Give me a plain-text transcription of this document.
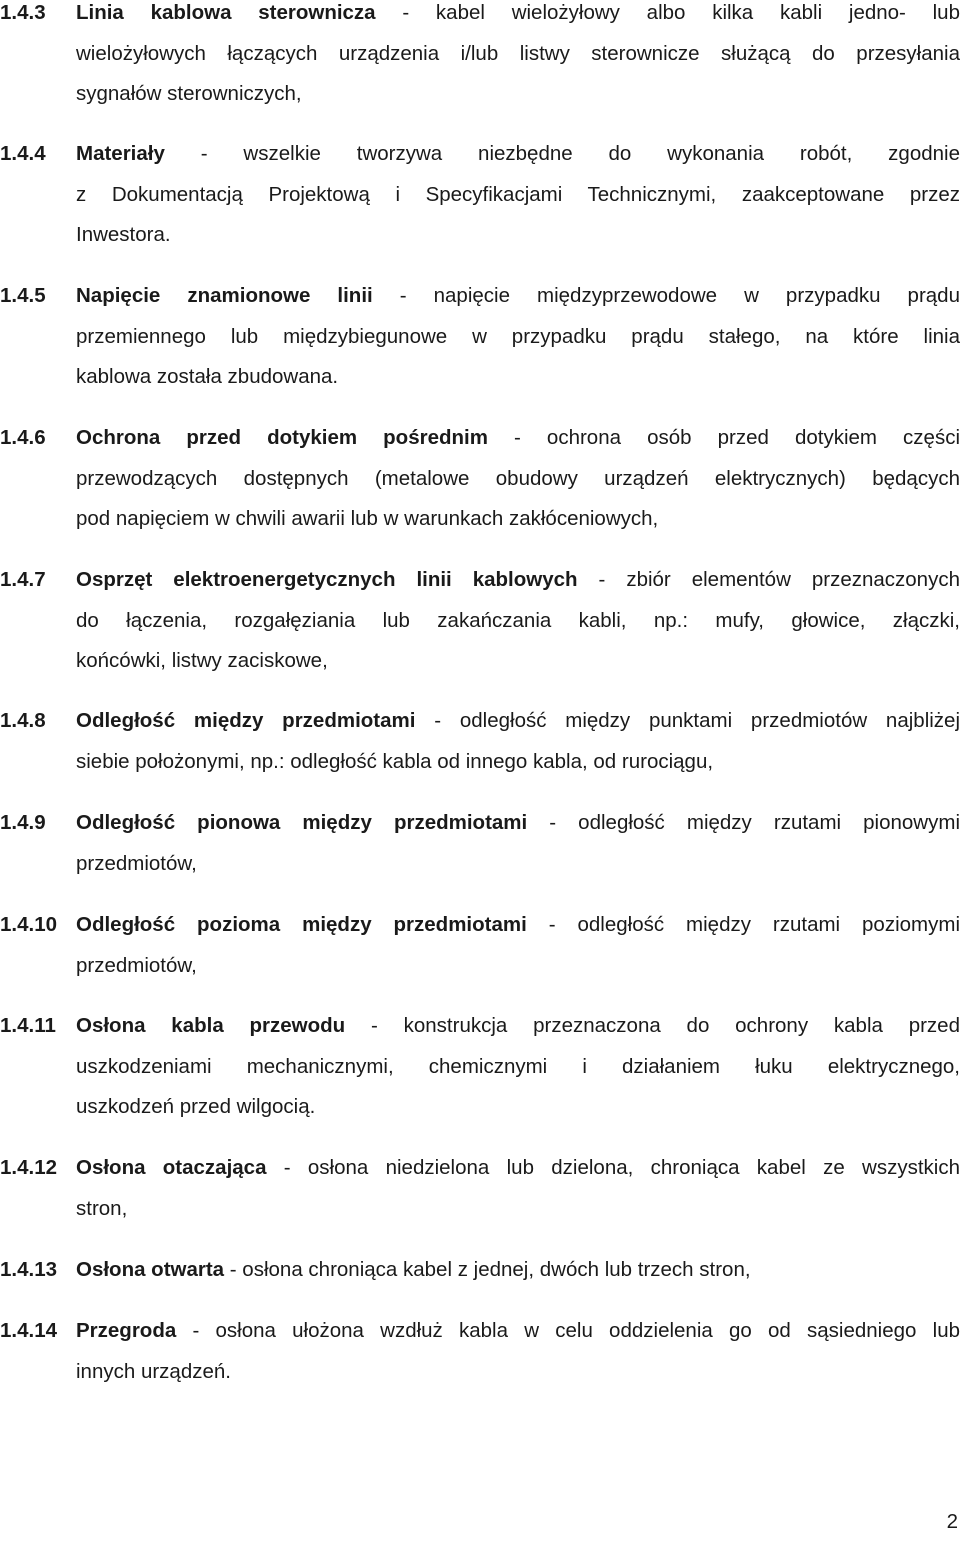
1.4.3 Linia kablowa sterownicza - kabel wielożyłowy albo kilka kabli jedno- lub
wielożyłowych łączących urządzenia i/lub listwy sterownicze służącą do przesyłania
sygnałów sterowniczych,
1.4.4 Materiały - wszelkie tworzywa niezbędne do wykonania robót, zgodnie
z Dokumentacją Projektową i Specyfikacjami Technicznymi, zaakceptowane przez
Inwestora.
1.4.5 Napięcie znamionowe linii - napięcie międzyprzewodowe w przypadku prądu
przemiennego lub międzybiegunowe w przypadku prądu stałego, na które linia
kablowa została zbudowana.
1.4.6 Ochrona przed dotykiem pośrednim - ochrona osób przed dotykiem części
przewodzących dostępnych (metalowe obudowy urządzeń elektrycznych) będących
pod napięciem w chwili awarii lub w warunkach zakłóceniowych,
1.4.7 Osprzęt elektroenergetycznych linii kablowych - zbiór elementów przeznaczonych
do łączenia, rozgałęziania lub zakańczania kabli, np.: mufy, głowice, złączki,
końcówki, listwy zaciskowe,
1.4.8 Odległość między przedmiotami - odległość między punktami przedmiotów najbliżej
siebie położonymi, np.: odległość kabla od innego kabla, od rurociągu,
1.4.9 Odległość pionowa między przedmiotami - odległość między rzutami pionowymi
przedmiotów,
1.4.10 Odległość pozioma między przedmiotami - odległość między rzutami poziomymi
przedmiotów,
1.4.11 Osłona kabla przewodu - konstrukcja przeznaczona do ochrony kabla przed
uszkodzeniami mechanicznymi, chemicznymi i działaniem łuku elektrycznego,
uszkodzeń przed wilgocią.
1.4.12 Osłona otaczająca - osłona niedzielona lub dzielona, chroniąca kabel ze wszystkich
stron,
1.4.13 Osłona otwarta - osłona chroniąca kabel z jednej, dwóch lub trzech stron,
1.4.14 Przegroda - osłona ułożona wzdłuż kabla w celu oddzielenia go od sąsiedniego lub
innych urządzeń.
2
